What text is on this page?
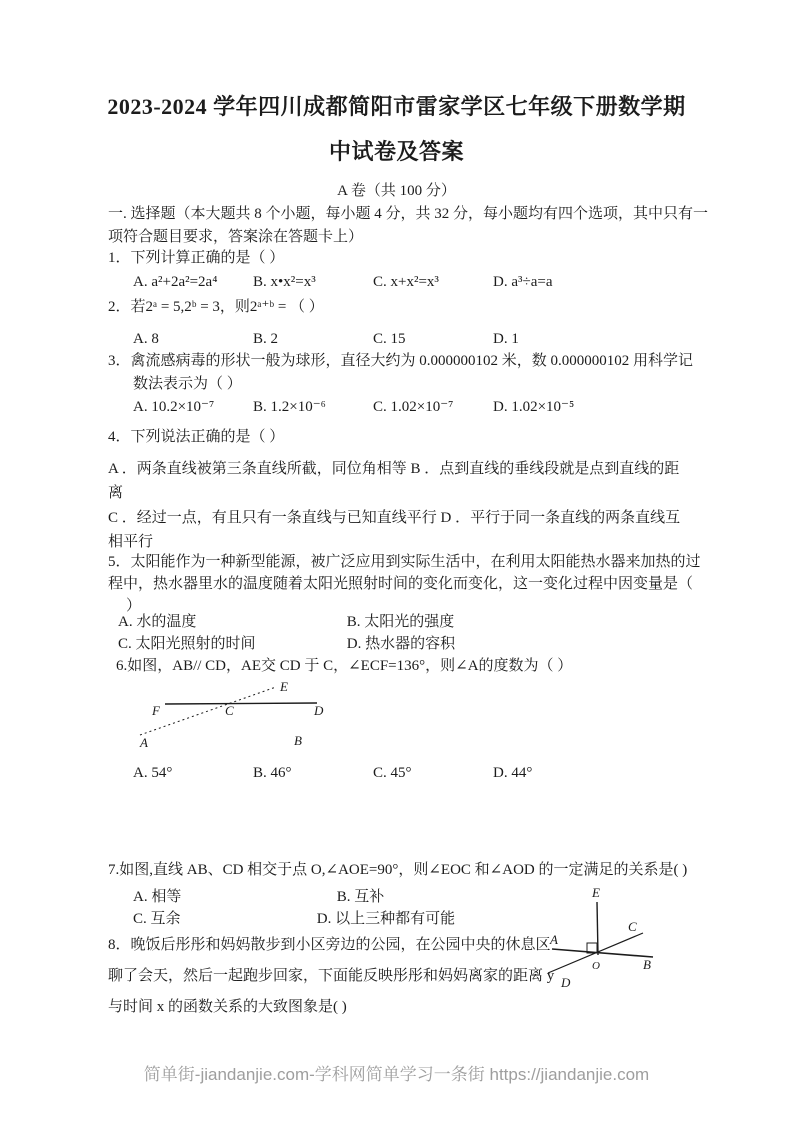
2023-2024 学年四川成都简阳市雷家学区七年级下册数学期
中试卷及答案
A 卷（共 100 分）
一. 选择题（本大题共 8 个小题，每小题 4 分，共 32 分，每小题均有四个选项，其中只有一
项符合题目要求，答案涂在答题卡上）
1．下列计算正确的是（ ）
A. a²+2a²=2a⁴	B. x•x²=x³	C. x+x²=x³	D. a³÷a=a
2．若2ᵃ = 5,2ᵇ = 3，则2ᵃ⁺ᵇ = （ ）
A. 8	B. 2	C. 15	D. 1
3．禽流感病毒的形状一般为球形，直径大约为 0.000000102 米，数 0.000000102 用科学记
数法表示为（ ）
A. 10.2×10⁻⁷	B. 1.2×10⁻⁶	C. 1.02×10⁻⁷	D. 1.02×10⁻⁵
4．下列说法正确的是（ ）
A ．两条直线被第三条直线所截，同位角相等 B ．点到直线的垂线段就是点到直线的距离
C ．经过一点，有且只有一条直线与已知直线平行 D ．平行于同一条直线的两条直线互相平行
5．太阳能作为一种新型能源，被广泛应用到实际生活中，在利用太阳能热水器来加热的过
程中，热水器里水的温度随着太阳光照射时间的变化而变化，这一变化过程中因变量是（
）
A. 水的温度	B. 太阳光的强度
C. 太阳光照射的时间	D. 热水器的容积
6.如图，AB// CD，AE交 CD 于 C，∠ECF=136°，则∠A的度数为（ ）
E
F	C	D
A	B
A. 54°	B. 46°	C. 45°	D. 44°
7.如图,直线 AB、CD 相交于点 O,∠AOE=90°，则∠EOC 和∠AOD 的一定满足的关系是( )
A. 相等	B. 互补
C. 互余	D. 以上三种都有可能
E
C
A
B
O
D
8．晚饭后彤彤和妈妈散步到小区旁边的公园，在公园中央的休息区
聊了会天，然后一起跑步回家，下面能反映彤彤和妈妈离家的距离 y
与时间 x 的函数关系的大致图象是( )
简单街-jiandanjie.com-学科网简单学习一条街 https://jiandanjie.com
